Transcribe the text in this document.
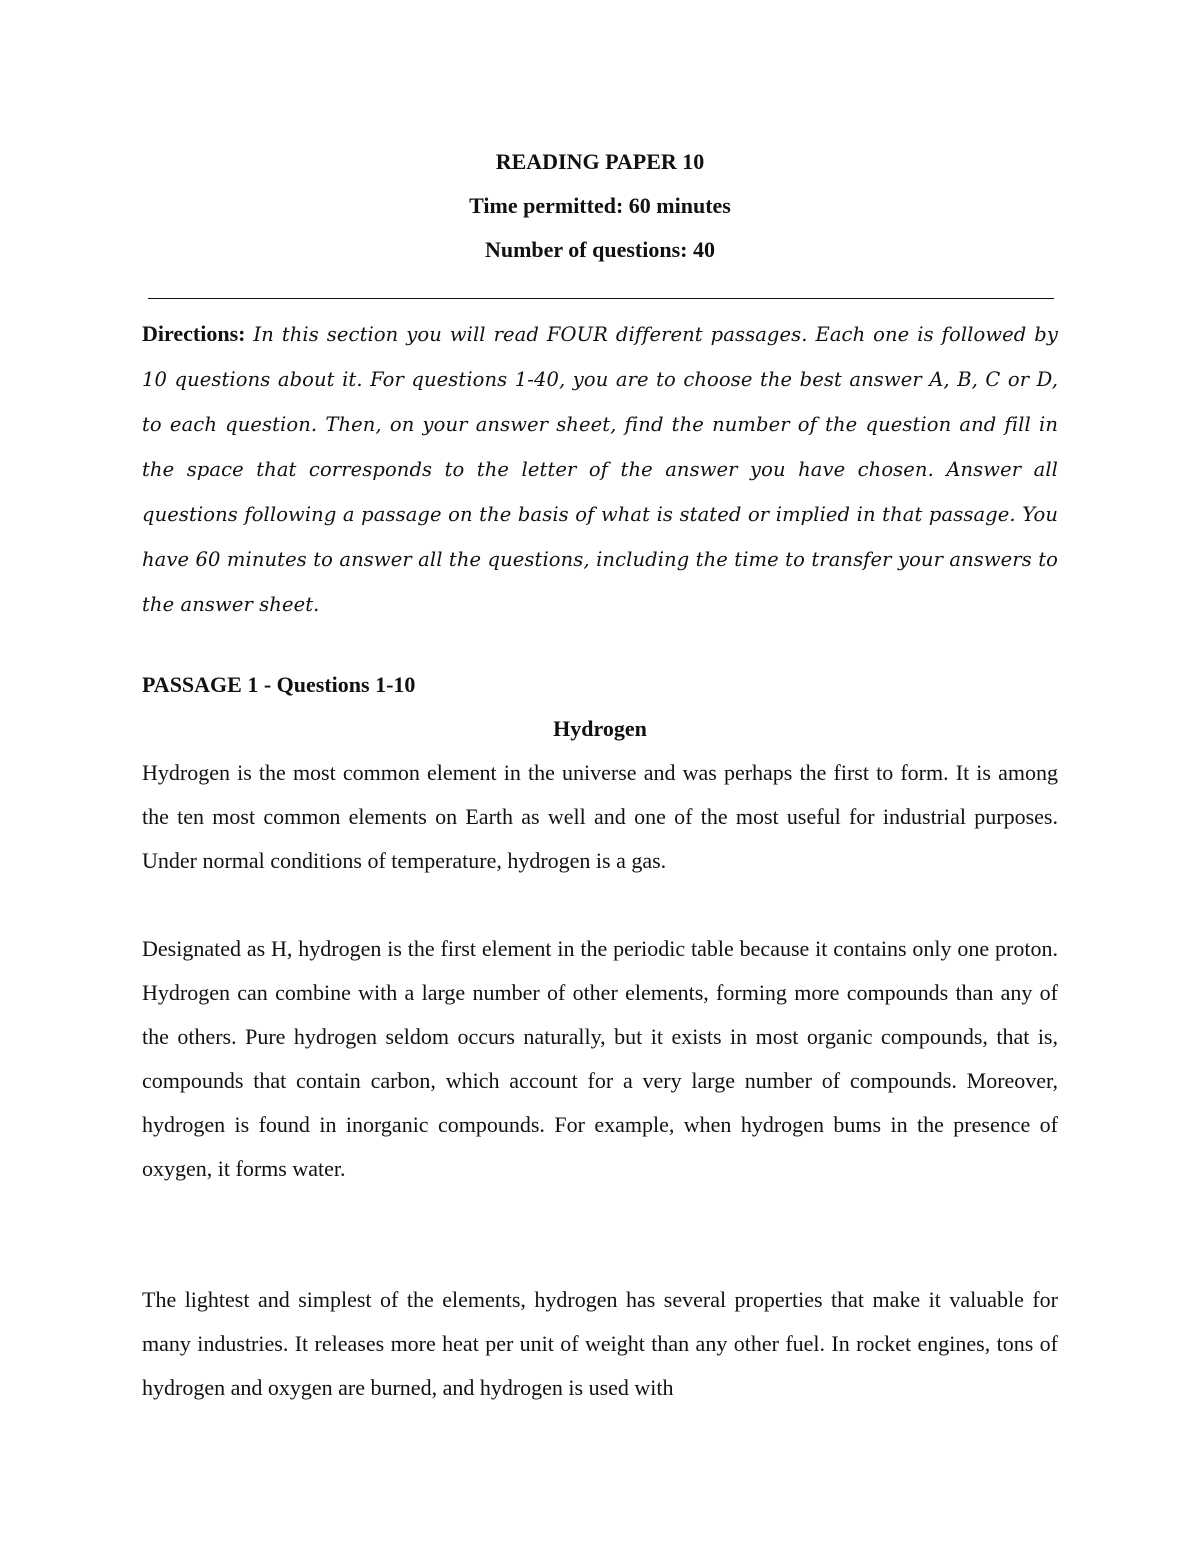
READING PAPER 10

Time permitted: 60 minutes

Number of questions: 40

Directions: In this section you will read FOUR different passages. Each one is followed by 10 questions about it. For questions 1-40, you are to choose the best answer A, B, C or D, to each question. Then, on your answer sheet, find the number of the question and fill in the space that corresponds to the letter of the answer you have chosen. Answer all questions following a passage on the basis of what is stated or implied in that passage. You have 60 minutes to answer all the questions, including the time to transfer your answers to the answer sheet.

PASSAGE 1 - Questions 1-10

Hydrogen

Hydrogen is the most common element in the universe and was perhaps the first to form. It is among the ten most common elements on Earth as well and one of the most useful for industrial purposes. Under normal conditions of temperature, hydrogen is a gas.

Designated as H, hydrogen is the first element in the periodic table because it contains only one proton. Hydrogen can combine with a large number of other elements, forming more compounds than any of the others. Pure hydrogen seldom occurs naturally, but it exists in most organic compounds, that is, compounds that contain carbon, which account for a very large number of compounds. Moreover, hydrogen is found in inorganic compounds. For example, when hydrogen bums in the presence of oxygen, it forms water.

The lightest and simplest of the elements, hydrogen has several properties that make it valuable for many industries. It releases more heat per unit of weight than any other fuel. In rocket engines, tons of hydrogen and oxygen are burned, and hydrogen is used with
